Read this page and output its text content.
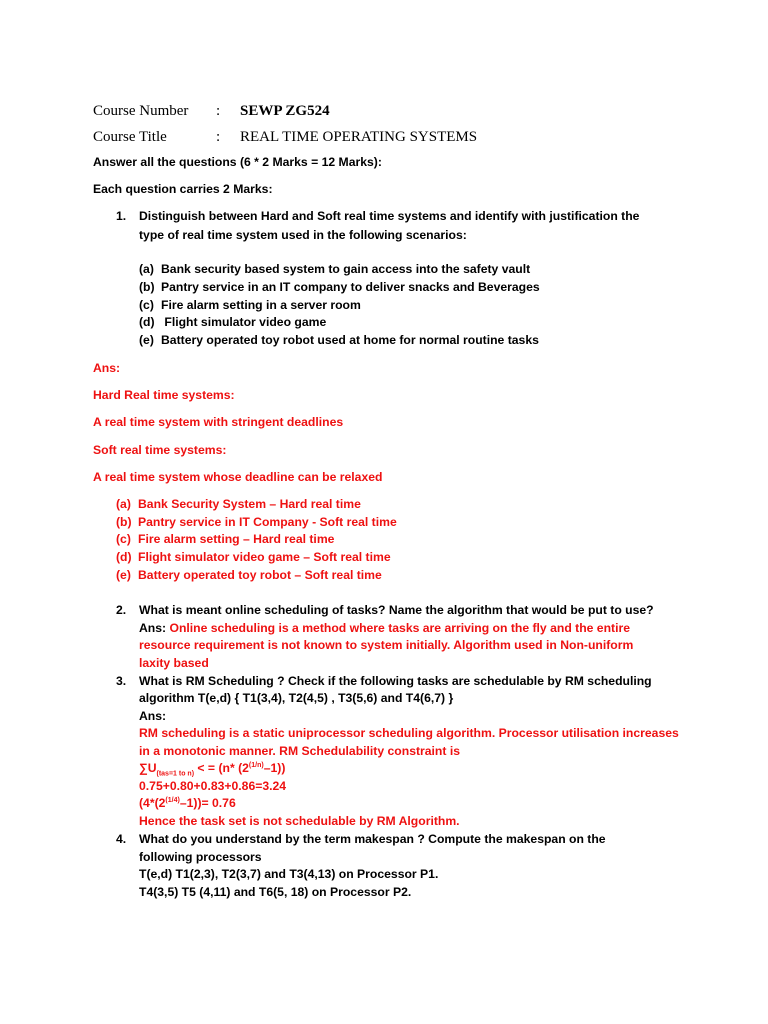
Course Number : SEWP ZG524
Course Title	: REAL TIME OPERATING SYSTEMS
Answer all the questions (6 * 2 Marks = 12 Marks):
Each question carries 2 Marks:
1. Distinguish between Hard and Soft real time systems and identify with justification the
type of real time system used in the following scenarios:
(a) Bank security based system to gain access into the safety vault
(b) Pantry service in an IT company to deliver snacks and Beverages
(c) Fire alarm setting in a server room
(d) Flight simulator video game
(e) Battery operated toy robot used at home for normal routine tasks
Ans:
Hard Real time systems:
A real time system with stringent deadlines
Soft real time systems:
A real time system whose deadline can be relaxed
(a) Bank Security System – Hard real time
(b) Pantry service in IT Company - Soft real time
(c) Fire alarm setting – Hard real time
(d) Flight simulator video game – Soft real time
(e) Battery operated toy robot – Soft real time
2. What is meant online scheduling of tasks? Name the algorithm that would be put to use?
Ans: Online scheduling is a method where tasks are arriving on the fly and the entire
resource requirement is not known to system initially. Algorithm used in Non-uniform
laxity based
3. What is RM Scheduling ? Check if the following tasks are schedulable by RM scheduling
algorithm T(e,d) { T1(3,4), T2(4,5) , T3(5,6) and T4(6,7) }
Ans:
RM scheduling is a static uniprocessor scheduling algorithm. Processor utilisation increases
in a monotonic manner. RM Schedulability constraint is
$\sum U_{(tas=1 to n)}$ < = (n* $(2^{(1/n)}-1)$)
0.75+0.80+0.83+0.86=3.24
$(4*(2^{(1/4)}-1))= 0.76$
Hence the task set is not schedulable by RM Algorithm.
4. What do you understand by the term makespan ? Compute the makespan on the
following processors
T(e,d) T1(2,3), T2(3,7) and T3(4,13) on Processor P1.
T4(3,5) T5 (4,11) and T6(5, 18) on Processor P2.
